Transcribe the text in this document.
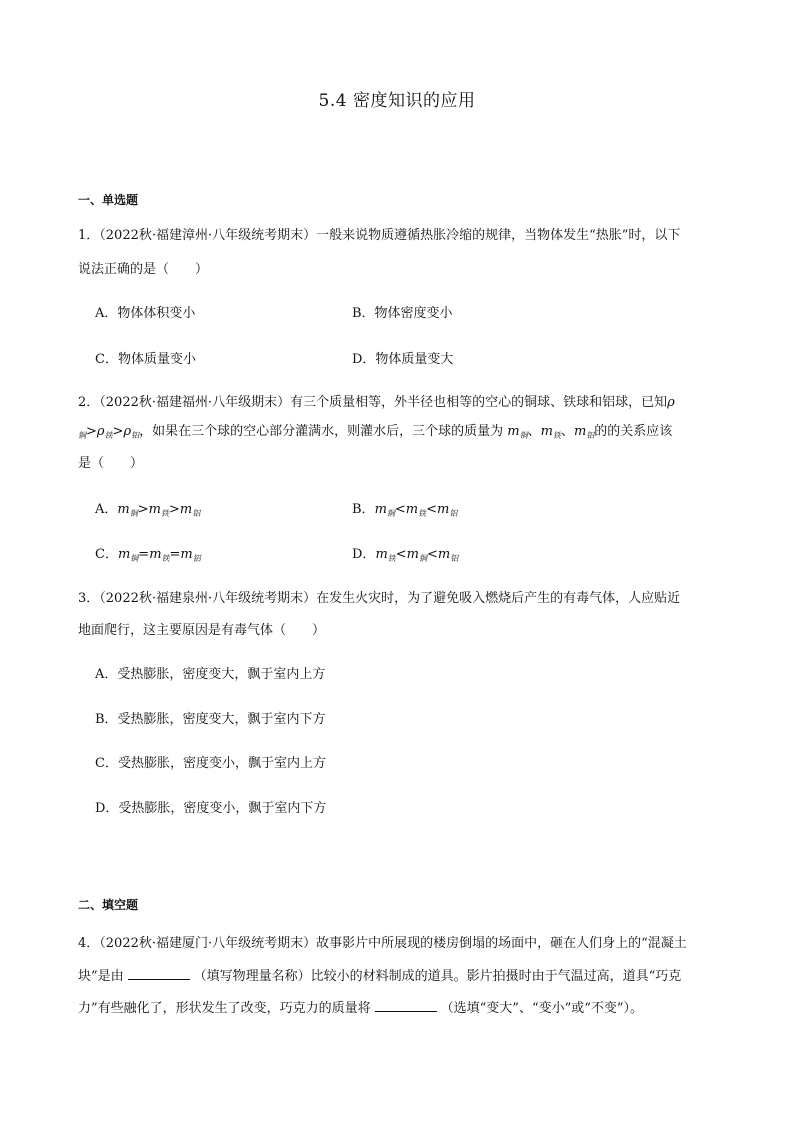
5.4 密度知识的应用
一、单选题
1．（2022秋·福建漳州·八年级统考期末）一般来说物质遵循热胀冷缩的规律，当物体发生“热胀”时，以下
说法正确的是（　　）
A．物体体积变小	B．物体密度变小
C．物体质量变小	D．物体质量变大
2．（2022秋·福建福州·八年级期末）有三个质量相等，外半径也相等的空心的铜球、铁球和铝球，已知ρ
$_铜>\rho_铁>\rho_铝$，如果在三个球的空心部分灌满水，则灌水后，三个球的质量为 $m_铜$、$m_铁$、$m_铝$的的关系应该
是（　　）
A．$m_铜>m_铁>m_铝$	B．$m_铜<m_铁<m_铝$
C．$m_铜=m_铁=m_铝$	D．$m_铁<m_铜<m_铝$
3．（2022秋·福建泉州·八年级统考期末）在发生火灾时，为了避免吸入燃烧后产生的有毒气体，人应贴近
地面爬行，这主要原因是有毒气体（　　）
A．受热膨胀，密度变大，飘于室内上方
B．受热膨胀，密度变大，飘于室内下方
C．受热膨胀，密度变小，飘于室内上方
D．受热膨胀，密度变小，飘于室内下方
二、填空题
4．（2022秋·福建厦门·八年级统考期末）故事影片中所展现的楼房倒塌的场面中，砸在人们身上的“混凝土
块”是由	（填写物理量名称）比较小的材料制成的道具。影片拍摄时由于气温过高，道具“巧克
力”有些融化了，形状发生了改变，巧克力的质量将	（选填“变大”、“变小”或“不变”）。
